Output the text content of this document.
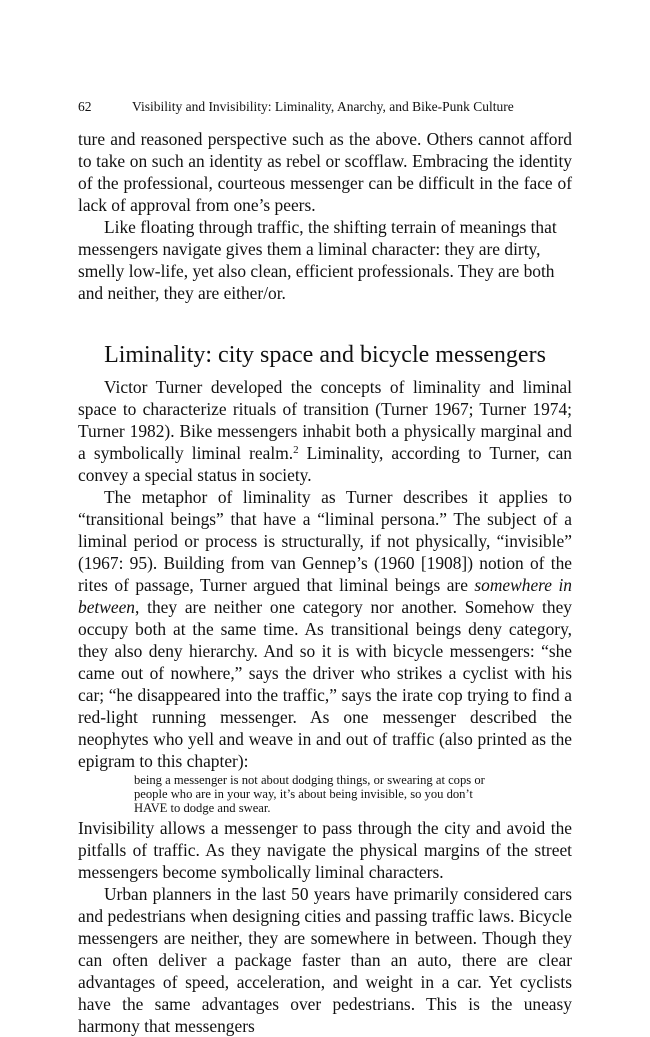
62	Visibility and Invisibility: Liminality, Anarchy, and Bike-Punk Culture

ture and reasoned perspective such as the above. Others cannot afford to take on such an identity as rebel or scofflaw. Embracing the identity of the professional, courteous messenger can be difficult in the face of lack of approval from one’s peers.

Like floating through traffic, the shifting terrain of meanings that messengers navigate gives them a liminal character: they are dirty, smelly low-life, yet also clean, efficient professionals. They are both and neither, they are either/or.

Liminality: city space and bicycle messengers

Victor Turner developed the concepts of liminality and liminal space to characterize rituals of transition (Turner 1967; Turner 1974; Turner 1982). Bike messengers inhabit both a physically marginal and a symbolically liminal realm.$^2$ Liminality, according to Turner, can convey a special status in society.

The metaphor of liminality as Turner describes it applies to “transitional beings” that have a “liminal persona.” The subject of a liminal period or process is structurally, if not physically, “invisible” (1967: 95). Building from van Gennep’s (1960 [1908]) notion of the rites of passage, Turner argued that liminal beings are somewhere in between, they are neither one category nor another. Somehow they occupy both at the same time. As transitional beings deny category, they also deny hierarchy. And so it is with bicycle messengers: “she came out of nowhere,” says the driver who strikes a cyclist with his car; “he disappeared into the traffic,” says the irate cop trying to find a red-light running messenger. As one messenger described the neophytes who yell and weave in and out of traffic (also printed as the epigram to this chapter):

being a messenger is not about dodging things, or swearing at cops or
people who are in your way, it’s about being invisible, so you don’t
HAVE to dodge and swear.

Invisibility allows a messenger to pass through the city and avoid the pitfalls of traffic. As they navigate the physical margins of the street messengers become symbolically liminal characters.

Urban planners in the last 50 years have primarily considered cars and pedestrians when designing cities and passing traffic laws. Bicycle messengers are neither, they are somewhere in between. Though they can often deliver a package faster than an auto, there are clear advantages of speed, acceleration, and weight in a car. Yet cyclists have the same advantages over pedestrians. This is the uneasy harmony that messengers
